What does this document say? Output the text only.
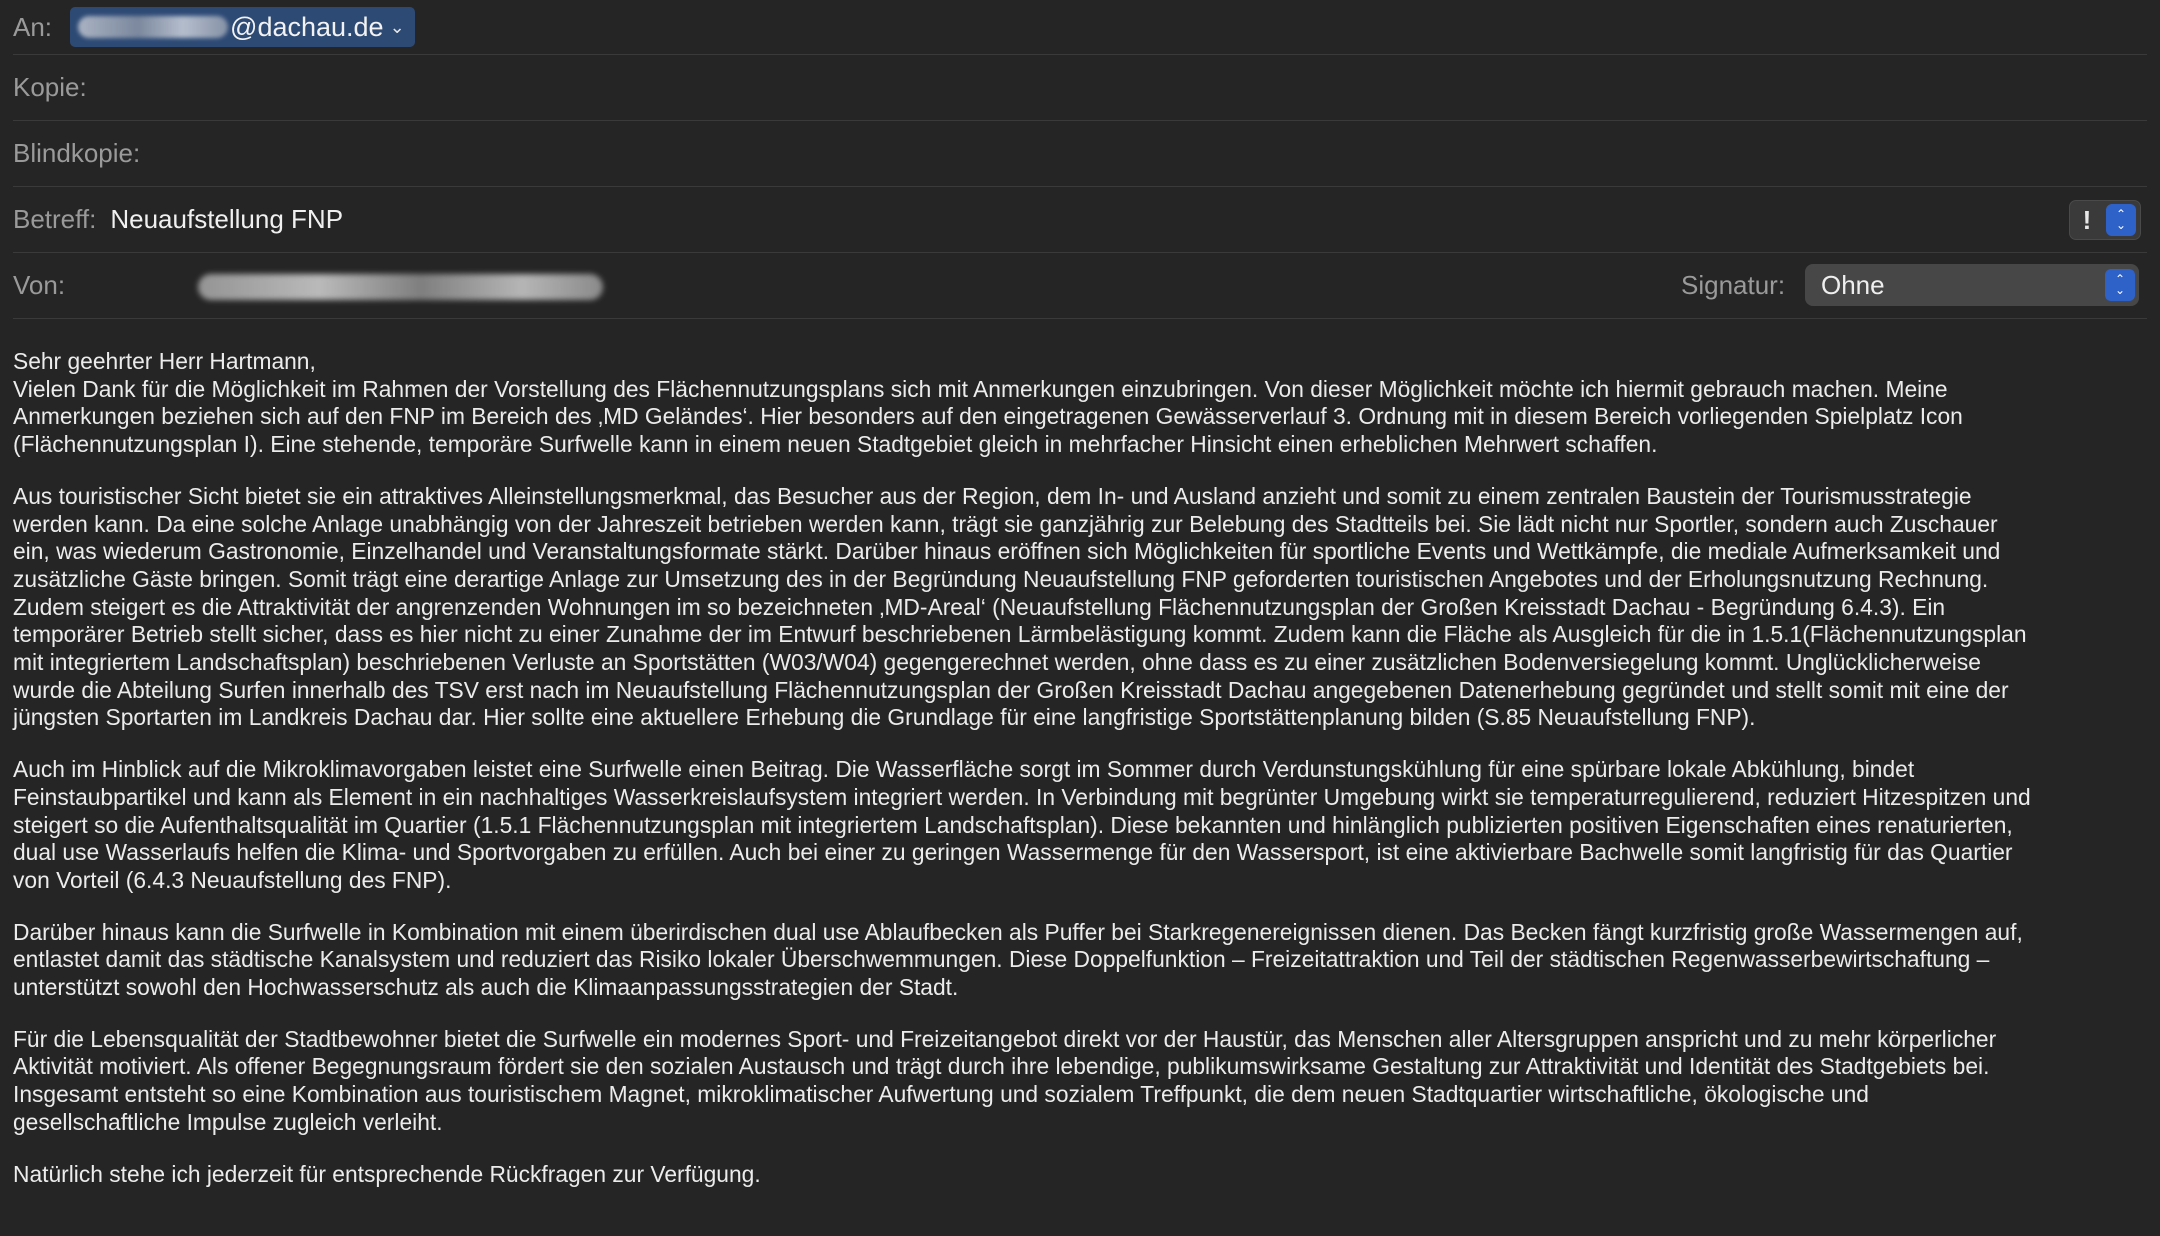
An:	@dachau.de ⌄
Kopie:
Blindkopie:
Betreff: Neuaufstellung FNP	!	⌃
⌄
Von:	Signatur: Ohne	⌃
⌄

Sehr geehrter Herr Hartmann,

Vielen Dank für die Möglichkeit im Rahmen der Vorstellung des Flächennutzungsplans sich mit Anmerkungen einzubringen. Von dieser Möglichkeit möchte ich hiermit gebrauch machen. Meine
Anmerkungen beziehen sich auf den FNP im Bereich des ‚MD Geländes‘. Hier besonders auf den eingetragenen Gewässerverlauf 3. Ordnung mit in diesem Bereich vorliegenden Spielplatz Icon
(Flächennutzungsplan I). Eine stehende, temporäre Surfwelle kann in einem neuen Stadtgebiet gleich in mehrfacher Hinsicht einen erheblichen Mehrwert schaffen.

Aus touristischer Sicht bietet sie ein attraktives Alleinstellungsmerkmal, das Besucher aus der Region, dem In- und Ausland anzieht und somit zu einem zentralen Baustein der Tourismusstrategie
werden kann. Da eine solche Anlage unabhängig von der Jahreszeit betrieben werden kann, trägt sie ganzjährig zur Belebung des Stadtteils bei. Sie lädt nicht nur Sportler, sondern auch Zuschauer
ein, was wiederum Gastronomie, Einzelhandel und Veranstaltungsformate stärkt. Darüber hinaus eröffnen sich Möglichkeiten für sportliche Events und Wettkämpfe, die mediale Aufmerksamkeit und
zusätzliche Gäste bringen. Somit trägt eine derartige Anlage zur Umsetzung des in der Begründung Neuaufstellung FNP geforderten touristischen Angebotes und der Erholungsnutzung Rechnung.
Zudem steigert es die Attraktivität der angrenzenden Wohnungen im so bezeichneten ‚MD-Areal‘ (Neuaufstellung Flächennutzungsplan der Großen Kreisstadt Dachau - Begründung 6.4.3). Ein
temporärer Betrieb stellt sicher, dass es hier nicht zu einer Zunahme der im Entwurf beschriebenen Lärmbelästigung kommt. Zudem kann die Fläche als Ausgleich für die in 1.5.1(Flächennutzungsplan
mit integriertem Landschaftsplan) beschriebenen Verluste an Sportstätten (W03/W04) gegengerechnet werden, ohne dass es zu einer zusätzlichen Bodenversiegelung kommt. Unglücklicherweise
wurde die Abteilung Surfen innerhalb des TSV erst nach im Neuaufstellung Flächennutzungsplan der Großen Kreisstadt Dachau angegebenen Datenerhebung gegründet und stellt somit mit eine der
jüngsten Sportarten im Landkreis Dachau dar. Hier sollte eine aktuellere Erhebung die Grundlage für eine langfristige Sportstättenplanung bilden (S.85 Neuaufstellung FNP).

Auch im Hinblick auf die Mikroklimavorgaben leistet eine Surfwelle einen Beitrag. Die Wasserfläche sorgt im Sommer durch Verdunstungskühlung für eine spürbare lokale Abkühlung, bindet
Feinstaubpartikel und kann als Element in ein nachhaltiges Wasserkreislaufsystem integriert werden. In Verbindung mit begrünter Umgebung wirkt sie temperaturregulierend, reduziert Hitzespitzen und
steigert so die Aufenthaltsqualität im Quartier (1.5.1 Flächennutzungsplan mit integriertem Landschaftsplan). Diese bekannten und hinlänglich publizierten positiven Eigenschaften eines renaturierten,
dual use Wasserlaufs helfen die Klima- und Sportvorgaben zu erfüllen. Auch bei einer zu geringen Wassermenge für den Wassersport, ist eine aktivierbare Bachwelle somit langfristig für das Quartier
von Vorteil (6.4.3 Neuaufstellung des FNP).

Darüber hinaus kann die Surfwelle in Kombination mit einem überirdischen dual use Ablaufbecken als Puffer bei Starkregenereignissen dienen. Das Becken fängt kurzfristig große Wassermengen auf,
entlastet damit das städtische Kanalsystem und reduziert das Risiko lokaler Überschwemmungen. Diese Doppelfunktion – Freizeitattraktion und Teil der städtischen Regenwasserbewirtschaftung –
unterstützt sowohl den Hochwasserschutz als auch die Klimaanpassungsstrategien der Stadt.

Für die Lebensqualität der Stadtbewohner bietet die Surfwelle ein modernes Sport- und Freizeitangebot direkt vor der Haustür, das Menschen aller Altersgruppen anspricht und zu mehr körperlicher
Aktivität motiviert. Als offener Begegnungsraum fördert sie den sozialen Austausch und trägt durch ihre lebendige, publikumswirksame Gestaltung zur Attraktivität und Identität des Stadtgebiets bei.
Insgesamt entsteht so eine Kombination aus touristischem Magnet, mikroklimatischer Aufwertung und sozialem Treffpunkt, die dem neuen Stadtquartier wirtschaftliche, ökologische und
gesellschaftliche Impulse zugleich verleiht.

Natürlich stehe ich jederzeit für entsprechende Rückfragen zur Verfügung.
